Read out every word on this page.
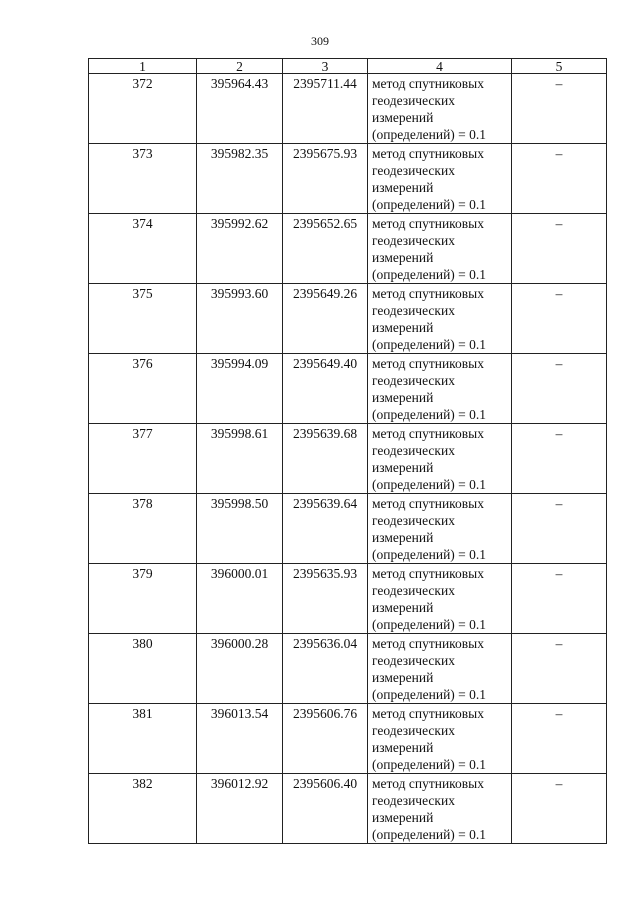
309
1	2	3	4	5
372	395964.43	2395711.44	метод спутниковых
геодезических
измерений
(определений) = 0.1	–
373	395982.35	2395675.93	метод спутниковых
геодезических
измерений
(определений) = 0.1	–
374	395992.62	2395652.65	метод спутниковых
геодезических
измерений
(определений) = 0.1	–
375	395993.60	2395649.26	метод спутниковых
геодезических
измерений
(определений) = 0.1	–
376	395994.09	2395649.40	метод спутниковых
геодезических
измерений
(определений) = 0.1	–
377	395998.61	2395639.68	метод спутниковых
геодезических
измерений
(определений) = 0.1	–
378	395998.50	2395639.64	метод спутниковых
геодезических
измерений
(определений) = 0.1	–
379	396000.01	2395635.93	метод спутниковых
геодезических
измерений
(определений) = 0.1	–
380	396000.28	2395636.04	метод спутниковых
геодезических
измерений
(определений) = 0.1	–
381	396013.54	2395606.76	метод спутниковых
геодезических
измерений
(определений) = 0.1	–
382	396012.92	2395606.40	метод спутниковых
геодезических
измерений
(определений) = 0.1	–
